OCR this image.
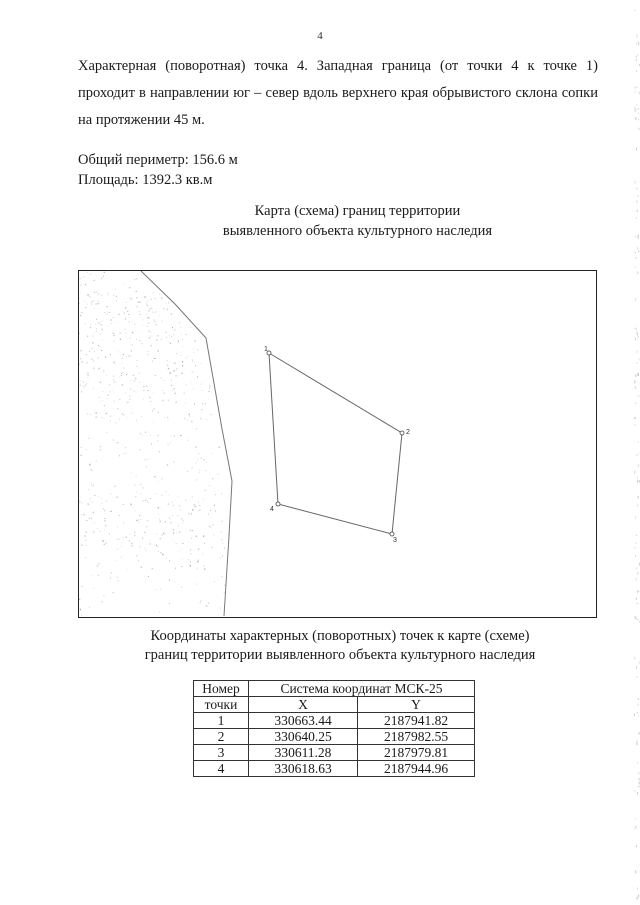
4

Характерная (поворотная) точка 4. Западная граница (от точки 4 к точке 1) проходит в направлении юг – север вдоль верхнего края обрывистого склона сопки на протяжении 45 м.

Общий периметр: 156.6 м
Площадь: 1392.3 кв.м
Карта (схема) границ территории
выявленного объекта культурного наследия
1
2
3
4
Координаты характерных (поворотных) точек к карте (схеме)
границ территории выявленного объекта культурного наследия
Номер	Система координат МСК-25	
точки	X	Y
1	330663.44	2187941.82
2	330640.25	2187982.55
3	330611.28	2187979.81
4	330618.63	2187944.96
